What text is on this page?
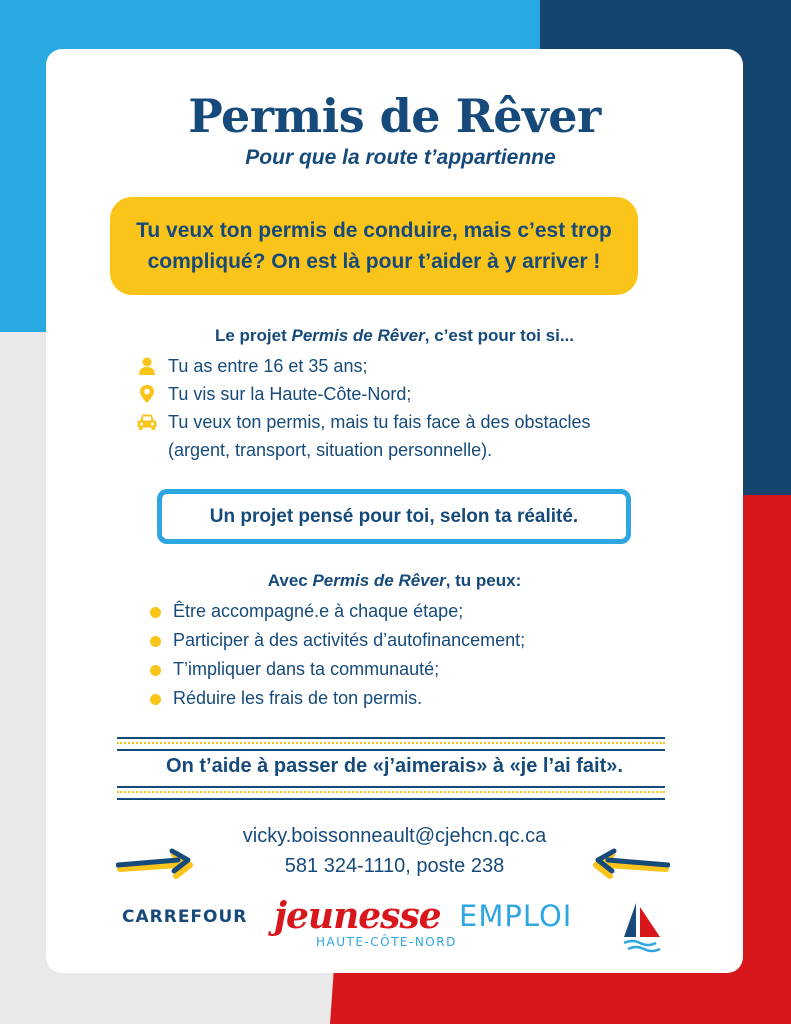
Permis de Rêver
Pour que la route t’appartienne
Tu veux ton permis de conduire, mais c’est trop compliqué? On est là pour t’aider à y arriver !
Le projet Permis de Rêver, c’est pour toi si...
Tu as entre 16 et 35 ans;
Tu vis sur la Haute-Côte-Nord;
Tu veux ton permis, mais tu fais face à des obstacles (argent, transport, situation personnelle).
Un projet pensé pour toi, selon ta réalité.
Avec Permis de Rêver, tu peux:
Être accompagné.e à chaque étape;
Participer à des activités d’autofinancement;
T’impliquer dans ta communauté;
Réduire les frais de ton permis.
On t’aide à passer de «j’aimerais» à «je l’ai fait».
vicky.boissonneault@cjehcn.qc.ca
581 324-1110, poste 238
CARREFOUR jeunesse EMPLOI
HAUTE-CÔTE-NORD
